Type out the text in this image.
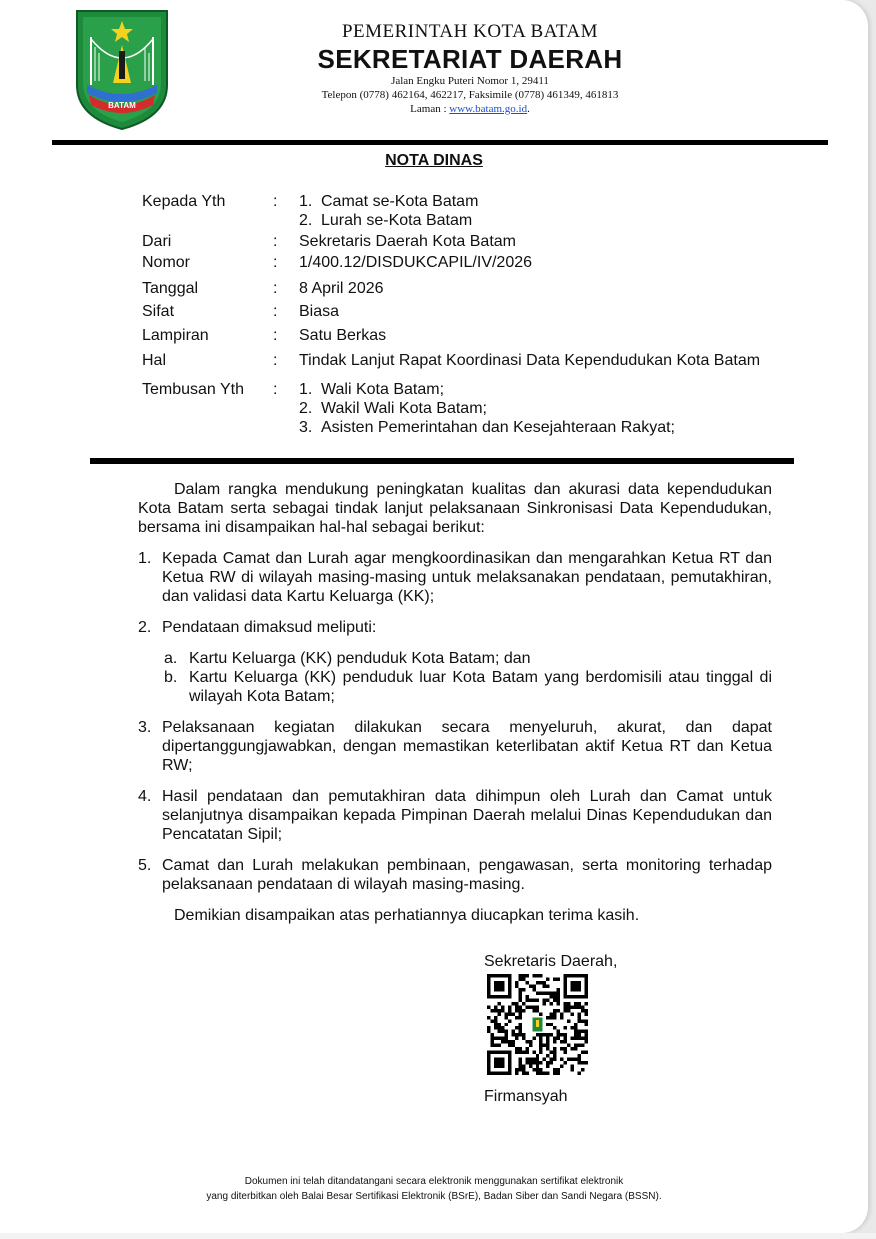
BATAM
PEMERINTAH KOTA BATAM
SEKRETARIAT DAERAH
Jalan Engku Puteri Nomor 1, 29411
Telepon (0778) 462164, 462217, Faksimile (0778) 461349, 461813
Laman : www.batam.go.id.
NOTA DINAS
Kepada Yth	:	1. Camat se-Kota Batam
2. Lurah se-Kota Batam
Dari	:	Sekretaris Daerah Kota Batam
Nomor	:	1/400.12/DISDUKCAPIL/IV/2026
Tanggal	:	8 April 2026
Sifat	:	Biasa
Lampiran	:	Satu Berkas
Hal	:	Tindak Lanjut Rapat Koordinasi Data Kependudukan Kota Batam
Tembusan Yth	:	1. Wali Kota Batam;
2. Wakil Wali Kota Batam;
3. Asisten Pemerintahan dan Kesejahteraan Rakyat;

Dalam rangka mendukung peningkatan kualitas dan akurasi data kependudukan Kota Batam serta sebagai tindak lanjut pelaksanaan Sinkronisasi Data Kependudukan, bersama ini disampaikan hal-hal sebagai berikut:

1. Kepada Camat dan Lurah agar mengkoordinasikan dan mengarahkan Ketua RT dan Ketua RW di wilayah masing-masing untuk melaksanakan pendataan, pemutakhiran, dan validasi data Kartu Keluarga (KK);
2. Pendataan dimaksud meliputi:
a. Kartu Keluarga (KK) penduduk Kota Batam; dan
b. Kartu Keluarga (KK) penduduk luar Kota Batam yang berdomisili atau tinggal di wilayah Kota Batam;
3. Pelaksanaan kegiatan dilakukan secara menyeluruh, akurat, dan dapat dipertanggungjawabkan, dengan memastikan keterlibatan aktif Ketua RT dan Ketua RW;
4. Hasil pendataan dan pemutakhiran data dihimpun oleh Lurah dan Camat untuk selanjutnya disampaikan kepada Pimpinan Daerah melalui Dinas Kependudukan dan Pencatatan Sipil;
5. Camat dan Lurah melakukan pembinaan, pengawasan, serta monitoring terhadap pelaksanaan pendataan di wilayah masing-masing.

Demikian disampaikan atas perhatiannya diucapkan terima kasih.

Sekretaris Daerah,
Firmansyah
Dokumen ini telah ditandatangani secara elektronik menggunakan sertifikat elektronik
yang diterbitkan oleh Balai Besar Sertifikasi Elektronik (BSrE), Badan Siber dan Sandi Negara (BSSN).
